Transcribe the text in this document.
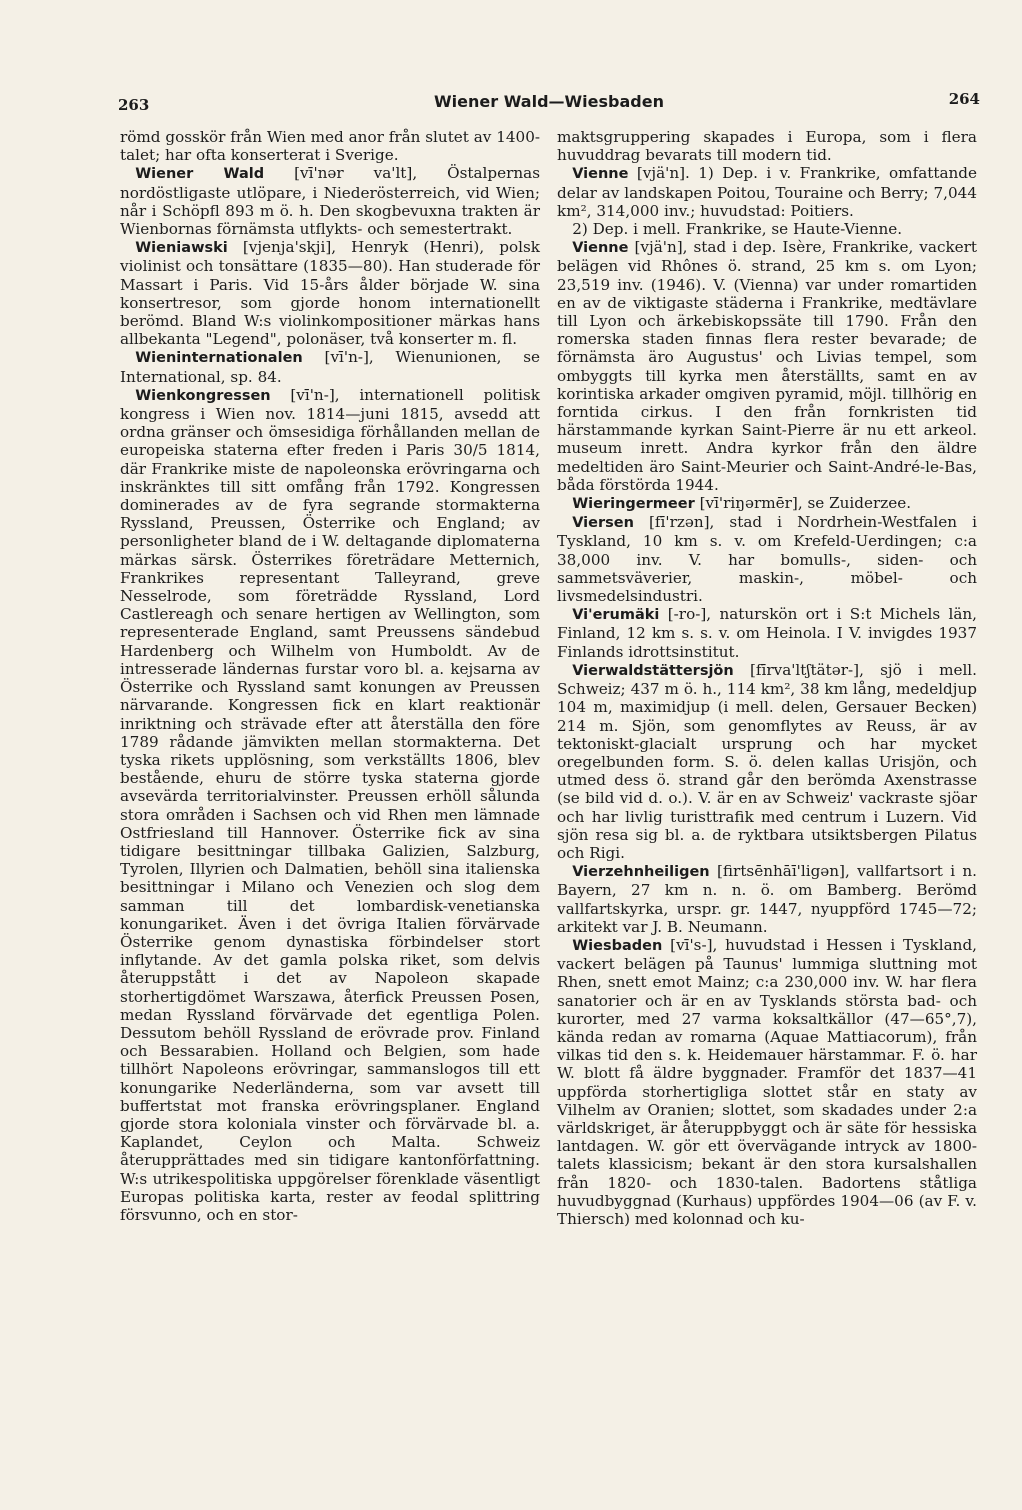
263	Wiener Wald—Wiesbaden	264

römd gosskör från Wien med anor från slutet av 1400-talet; har ofta konserterat i Sverige.

Wiener Wald [vī'nər va'lt], Östalpernas nordöstligaste utlöpare, i Niederösterreich, vid Wien; når i Schöpfl 893 m ö. h. Den skogbevuxna trakten är Wienbornas förnämsta utflykts- och semestertrakt.

Wieniawski [vjenja'skji], Henryk (Henri), polsk violinist och tonsättare (1835—80). Han studerade för Massart i Paris. Vid 15-års ålder började W. sina konsertresor, som gjorde honom internationellt berömd. Bland W:s violinkompositioner märkas hans allbekanta "Legend", polonäser, två konserter m. fl.

Wieninternationalen [vī'n-], Wienunionen, se International, sp. 84.

Wienkongressen [vī'n-], internationell politisk kongress i Wien nov. 1814—juni 1815, avsedd att ordna gränser och ömsesidiga förhållanden mellan de europeiska staterna efter freden i Paris 30/5 1814, där Frankrike miste de napoleonska erövringarna och inskränktes till sitt omfång från 1792. Kongressen dominerades av de fyra segrande stormakterna Ryssland, Preussen, Österrike och England; av personligheter bland de i W. deltagande diplomaterna märkas särsk. Österrikes företrädare Metternich, Frankrikes representant Talleyrand, greve Nesselrode, som företrädde Ryssland, Lord Castlereagh och senare hertigen av Wellington, som representerade England, samt Preussens sändebud Hardenberg och Wilhelm von Humboldt. Av de intresserade ländernas furstar voro bl. a. kejsarna av Österrike och Ryssland samt konungen av Preussen närvarande. Kongressen fick en klart reaktionär inriktning och strävade efter att återställa den före 1789 rådande jämvikten mellan stormakterna. Det tyska rikets upplösning, som verkställts 1806, blev bestående, ehuru de större tyska staterna gjorde avsevärda territorialvinster. Preussen erhöll sålunda stora områden i Sachsen och vid Rhen men lämnade Ostfriesland till Hannover. Österrike fick av sina tidigare besittningar tillbaka Galizien, Salzburg, Tyrolen, Illyrien och Dalmatien, behöll sina italienska besittningar i Milano och Venezien och slog dem samman till det lombardisk-venetianska konungariket. Även i det övriga Italien förvärvade Österrike genom dynastiska förbindelser stort inflytande. Av det gamla polska riket, som delvis återuppstått i det av Napoleon skapade storhertigdömet Warszawa, återfick Preussen Posen, medan Ryssland förvärvade det egentliga Polen. Dessutom behöll Ryssland de erövrade prov. Finland och Bessarabien. Holland och Belgien, som hade tillhört Napoleons erövringar, sammanslogos till ett konungarike Nederländerna, som var avsett till buffertstat mot franska erövringsplaner. England gjorde stora koloniala vinster och förvärvade bl. a. Kaplandet, Ceylon och Malta. Schweiz återupprättades med sin tidigare kantonförfattning. W:s utrikespolitiska uppgörelser förenklade väsentligt Europas politiska karta, rester av feodal splittring försvunno, och en stor-

maktsgruppering skapades i Europa, som i flera huvuddrag bevarats till modern tid.

Vienne [vjä'n]. 1) Dep. i v. Frankrike, omfattande delar av landskapen Poitou, Touraine och Berry; 7,044 km², 314,000 inv.; huvudstad: Poitiers.

2) Dep. i mell. Frankrike, se Haute-Vienne.

Vienne [vjä'n], stad i dep. Isère, Frankrike, vackert belägen vid Rhônes ö. strand, 25 km s. om Lyon; 23,519 inv. (1946). V. (Vienna) var under romartiden en av de viktigaste städerna i Frankrike, medtävlare till Lyon och ärkebiskopssäte till 1790. Från den romerska staden finnas flera rester bevarade; de förnämsta äro Augustus' och Livias tempel, som ombyggts till kyrka men återställts, samt en av korintiska arkader omgiven pyramid, möjl. tillhörig en forntida cirkus. I den från fornkristen tid härstammande kyrkan Saint-Pierre är nu ett arkeol. museum inrett. Andra kyrkor från den äldre medeltiden äro Saint-Meurier och Saint-André-le-Bas, båda förstörda 1944.

Wieringermeer [vī'riŋərmēr], se Zuiderzee.

Viersen [fī'rzən], stad i Nordrhein-Westfalen i Tyskland, 10 km s. v. om Krefeld-Uerdingen; c:a 38,000 inv. V. har bomulls-, siden- och sammetsväverier, maskin-, möbel- och livsmedelsindustri.

Vi'erumäki [-ro-], naturskön ort i S:t Michels län, Finland, 12 km s. s. v. om Heinola. I V. invigdes 1937 Finlands idrottsinstitut.

Vierwaldstättersjön [fīrva'ltʃtätər-], sjö i mell. Schweiz; 437 m ö. h., 114 km², 38 km lång, medeldjup 104 m, maximidjup (i mell. delen, Gersauer Becken) 214 m. Sjön, som genomflytes av Reuss, är av tektoniskt-glacialt ursprung och har mycket oregelbunden form. S. ö. delen kallas Urisjön, och utmed dess ö. strand går den berömda Axenstrasse (se bild vid d. o.). V. är en av Schweiz' vackraste sjöar och har livlig turisttrafik med centrum i Luzern. Vid sjön resa sig bl. a. de ryktbara utsiktsbergen Pilatus och Rigi.

Vierzehnheiligen [firtsēnhāī'ligən], vallfartsort i n. Bayern, 27 km n. n. ö. om Bamberg. Berömd vallfartskyrka, urspr. gr. 1447, nyuppförd 1745—72; arkitekt var J. B. Neumann.

Wiesbaden [vī's-], huvudstad i Hessen i Tyskland, vackert belägen på Taunus' lummiga sluttning mot Rhen, snett emot Mainz; c:a 230,000 inv. W. har flera sanatorier och är en av Tysklands största bad- och kurorter, med 27 varma koksaltkällor (47—65°,7), kända redan av romarna (Aquae Mattiacorum), från vilkas tid den s. k. Heidemauer härstammar. F. ö. har W. blott få äldre byggnader. Framför det 1837—41 uppförda storhertigliga slottet står en staty av Vilhelm av Oranien; slottet, som skadades under 2:a världskriget, är återuppbyggt och är säte för hessiska lantdagen. W. gör ett övervägande intryck av 1800-talets klassicism; bekant är den stora kursalshallen från 1820- och 1830-talen. Badortens ståtliga huvudbyggnad (Kurhaus) uppfördes 1904—06 (av F. v. Thiersch) med kolonnad och ku-
